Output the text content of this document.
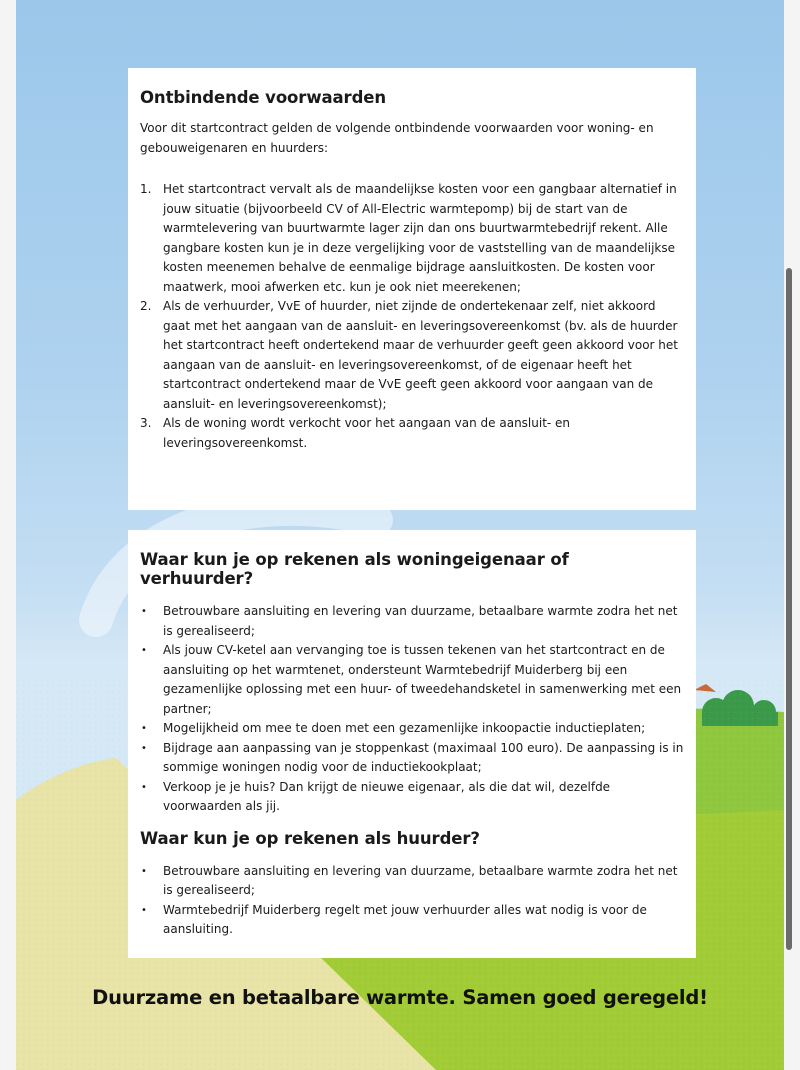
Ontbindende voorwaarden

Voor dit startcontract gelden de volgende ontbindende voorwaarden voor woning- en gebouweigenaren en huurders:

1. Het startcontract vervalt als de maandelijkse kosten voor een gangbaar alternatief in jouw situatie (bijvoorbeeld CV of All-Electric warmtepomp) bij de start van de warmtelevering van buurtwarmte lager zijn dan ons buurtwarmtebedrijf rekent. Alle gangbare kosten kun je in deze vergelijking voor de vaststelling van de maandelijkse kosten meenemen behalve de eenmalige bijdrage aansluitkosten. De kosten voor maatwerk, mooi afwerken etc. kun je ook niet meerekenen;
2. Als de verhuurder, VvE of huurder, niet zijnde de ondertekenaar zelf, niet akkoord gaat met het aangaan van de aansluit- en leveringsovereenkomst (bv. als de huurder het startcontract heeft ondertekend maar de verhuurder geeft geen akkoord voor het aangaan van de aansluit- en leveringsovereenkomst, of de eigenaar heeft het startcontract ondertekend maar de VvE geeft geen akkoord voor aangaan van de aansluit- en leveringsovereenkomst);
3. Als de woning wordt verkocht voor het aangaan van de aansluit- en leveringsovereenkomst.
Waar kun je op rekenen als woningeigenaar of verhuurder?
• Betrouwbare aansluiting en levering van duurzame, betaalbare warmte zodra het net is gerealiseerd;
• Als jouw CV-ketel aan vervanging toe is tussen tekenen van het startcontract en de aansluiting op het warmtenet, ondersteunt Warmtebedrijf Muiderberg bij een gezamenlijke oplossing met een huur- of tweedehandsketel in samenwerking met een partner;
• Mogelijkheid om mee te doen met een gezamenlijke inkoopactie inductieplaten;
• Bijdrage aan aanpassing van je stoppenkast (maximaal 100 euro). De aanpassing is in sommige woningen nodig voor de inductiekookplaat;
• Verkoop je je huis? Dan krijgt de nieuwe eigenaar, als die dat wil, dezelfde voorwaarden als jij.
Waar kun je op rekenen als huurder?
• Betrouwbare aansluiting en levering van duurzame, betaalbare warmte zodra het net is gerealiseerd;
• Warmtebedrijf Muiderberg regelt met jouw verhuurder alles wat nodig is voor de aansluiting.
Duurzame en betaalbare warmte. Samen goed geregeld!
